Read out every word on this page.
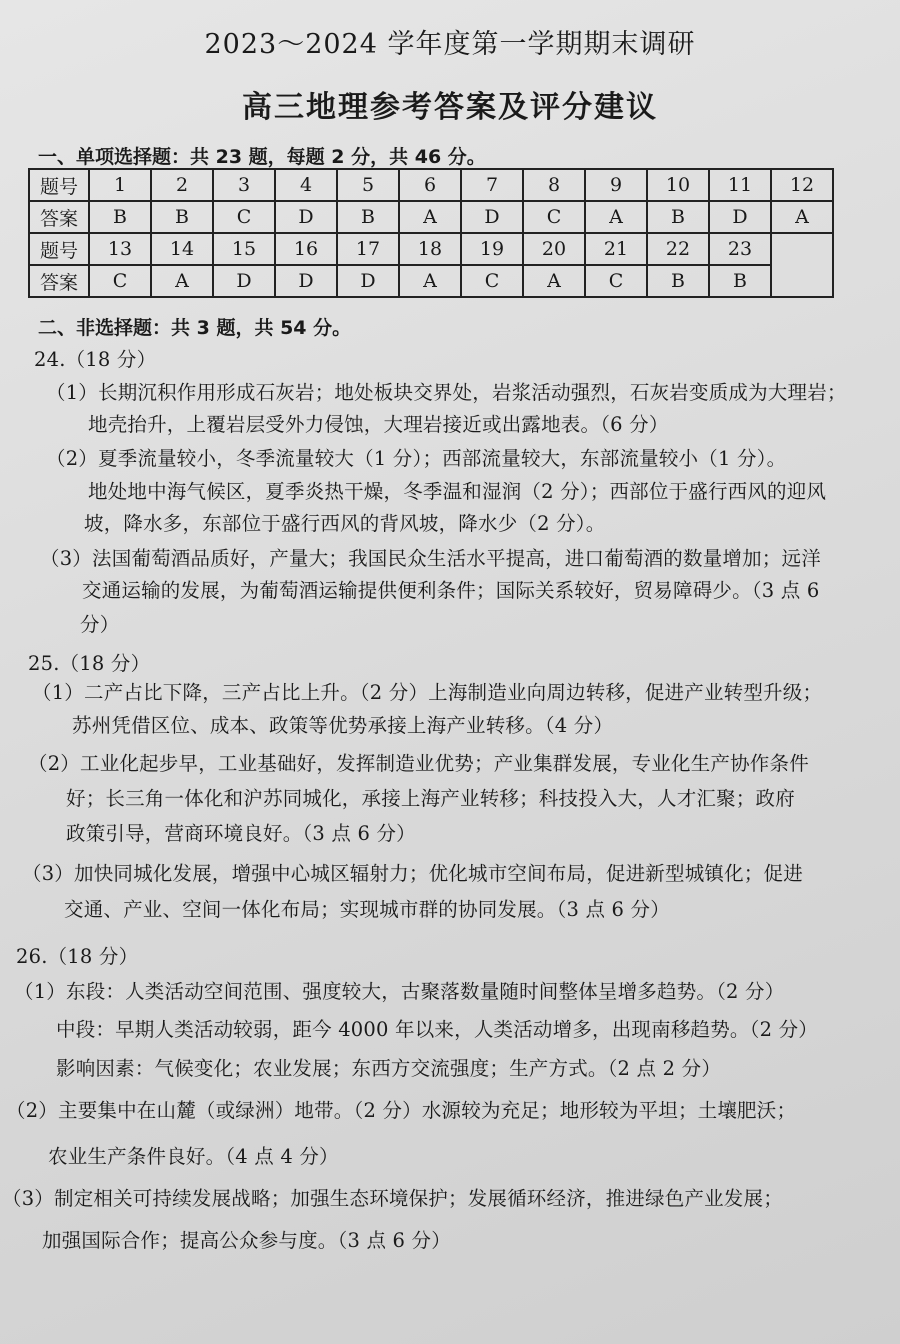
2023～2024 学年度第一学期期末调研
高三地理参考答案及评分建议
一、单项选择题：共 23 题，每题 2 分，共 46 分。
题号	1	2	3	4	5	6	7	8	9	10	11	12
答案	B	B	C	D	B	A	D	C	A	B	D	A
题号	13	14	15	16	17	18	19	20	21	22	23	
答案	C	A	D	D	D	A	C	A	C	B	B	
二、非选择题：共 3 题，共 54 分。
24.（18 分）
（1）长期沉积作用形成石灰岩；地处板块交界处，岩浆活动强烈，石灰岩变质成为大理岩；
地壳抬升，上覆岩层受外力侵蚀，大理岩接近或出露地表。（6 分）
（2）夏季流量较小，冬季流量较大（1 分）；西部流量较大，东部流量较小（1 分）。
地处地中海气候区，夏季炎热干燥，冬季温和湿润（2 分）；西部位于盛行西风的迎风
坡，降水多，东部位于盛行西风的背风坡，降水少（2 分）。
（3）法国葡萄酒品质好，产量大；我国民众生活水平提高，进口葡萄酒的数量增加；远洋
交通运输的发展，为葡萄酒运输提供便利条件；国际关系较好，贸易障碍少。（3 点 6
分）
25.（18 分）
（1）二产占比下降，三产占比上升。（2 分）上海制造业向周边转移，促进产业转型升级；
苏州凭借区位、成本、政策等优势承接上海产业转移。（4 分）
（2）工业化起步早，工业基础好，发挥制造业优势；产业集群发展，专业化生产协作条件
好；长三角一体化和沪苏同城化，承接上海产业转移；科技投入大，人才汇聚；政府
政策引导，营商环境良好。（3 点 6 分）
（3）加快同城化发展，增强中心城区辐射力；优化城市空间布局，促进新型城镇化；促进
交通、产业、空间一体化布局；实现城市群的协同发展。（3 点 6 分）
26.（18 分）
（1）东段：人类活动空间范围、强度较大，古聚落数量随时间整体呈增多趋势。（2 分）
中段：早期人类活动较弱，距今 4000 年以来，人类活动增多，出现南移趋势。（2 分）
影响因素：气候变化；农业发展；东西方交流强度；生产方式。（2 点 2 分）
（2）主要集中在山麓（或绿洲）地带。（2 分）水源较为充足；地形较为平坦；土壤肥沃；
农业生产条件良好。（4 点 4 分）
（3）制定相关可持续发展战略；加强生态环境保护；发展循环经济，推进绿色产业发展；
加强国际合作；提高公众参与度。（3 点 6 分）
